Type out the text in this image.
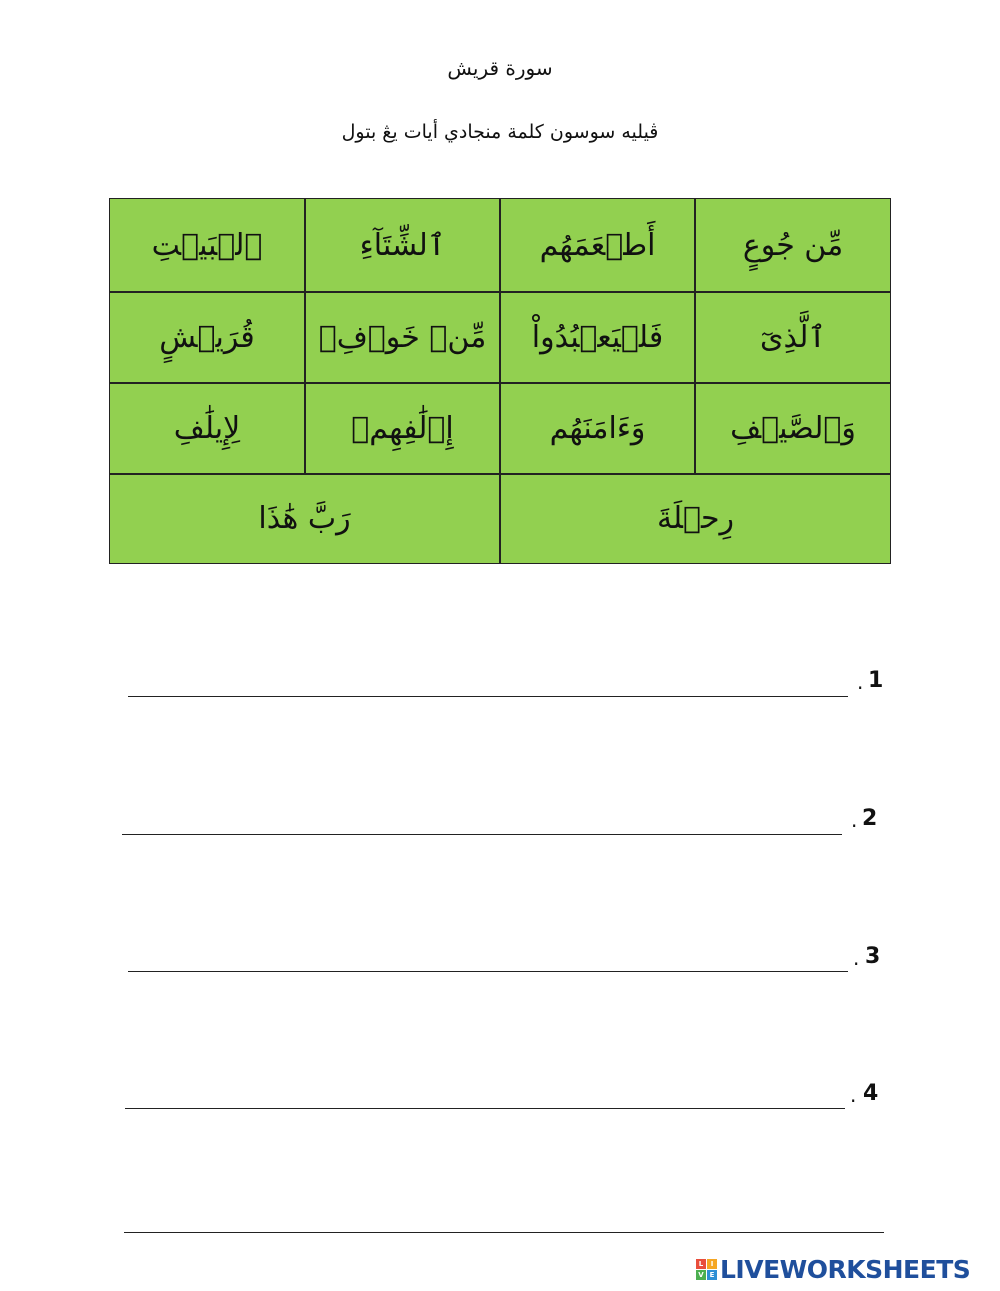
سورة قريش
ڤيليه سوسون كلمة منجادي أيات يڠ بتول
مِّن جُوعٍ
أَطۡعَمَهُم
ٱلشِّتَآءِ
ٱلۡبَيۡتِ
ٱلَّذِىٓ
فَلۡيَعۡبُدُواْ
مِّنۡ خَوۡفِۭ
قُرَيۡشٍ
وَٱلصَّيۡفِ
وَءَامَنَهُم
إِۦلَٰفِهِمۡ
لِإِيلَٰفِ
رِحۡلَةَ
رَبَّ هَٰذَا
1
.
2
.
3
.
4
.
L	I
V E LIVEWORKSHEETS
